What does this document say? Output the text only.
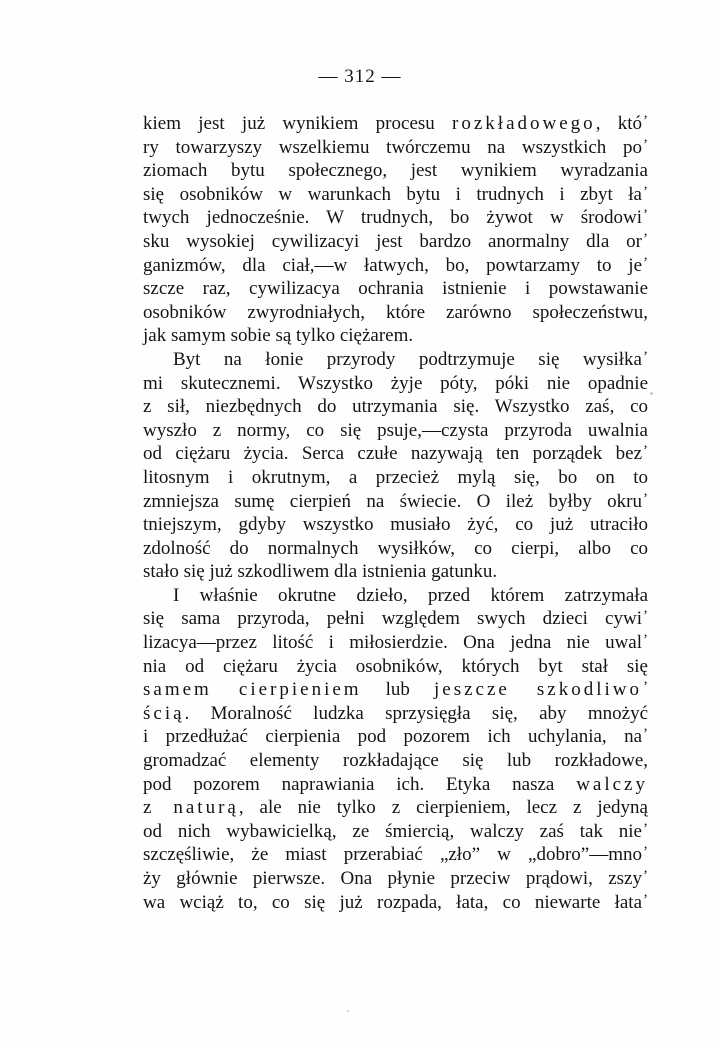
— 312 —
kiem jest już wynikiem procesu rozkładowego, któ’
ry towarzyszy wszelkiemu twórczemu na wszystkich po’
ziomach bytu społecznego, jest wynikiem wyradzania
się osobników w warunkach bytu i trudnych i zbyt ła’
twych jednocześnie. W trudnych, bo żywot w środowi’
sku wysokiej cywilizacyi jest bardzo anormalny dla or’
ganizmów, dla ciał,—w łatwych, bo, powtarzamy to je’
szcze raz, cywilizacya ochrania istnienie i powstawanie
osobników zwyrodniałych, które zarówno społeczeństwu,
jak samym sobie są tylko ciężarem.
Byt na łonie przyrody podtrzymuje się wysiłka’
mi skutecznemi. Wszystko żyje póty, póki nie opadnie
z sił, niezbędnych do utrzymania się. Wszystko zaś, co
wyszło z normy, co się psuje,—czysta przyroda uwalnia
od ciężaru życia. Serca czułe nazywają ten porządek bez’
litosnym i okrutnym, a przecież mylą się, bo on to
zmniejsza sumę cierpień na świecie. O ileż byłby okru’
tniejszym, gdyby wszystko musiało żyć, co już utraciło
zdolność do normalnych wysiłków, co cierpi, albo co
stało się już szkodliwem dla istnienia gatunku.
I właśnie okrutne dzieło, przed którem zatrzymała
się sama przyroda, pełni względem swych dzieci cywi’
lizacya—przez litość i miłosierdzie. Ona jedna nie uwal’
nia od ciężaru życia osobników, których byt stał się
samem cierpieniem lub jeszcze szkodliwo’
ścią. Moralność ludzka sprzysięgła się, aby mnożyć
i przedłużać cierpienia pod pozorem ich uchylania, na’
gromadzać elementy rozkładające się lub rozkładowe,
pod pozorem naprawiania ich. Etyka nasza walczy
z naturą, ale nie tylko z cierpieniem, lecz z jedyną
od nich wybawicielką, ze śmiercią, walczy zaś tak nie’
szczęśliwie, że miast przerabiać „zło” w „dobro”—mno’
ży głównie pierwsze. Ona płynie przeciw prądowi, zszy’
wa wciąż to, co się już rozpada, łata, co niewarte łata’
